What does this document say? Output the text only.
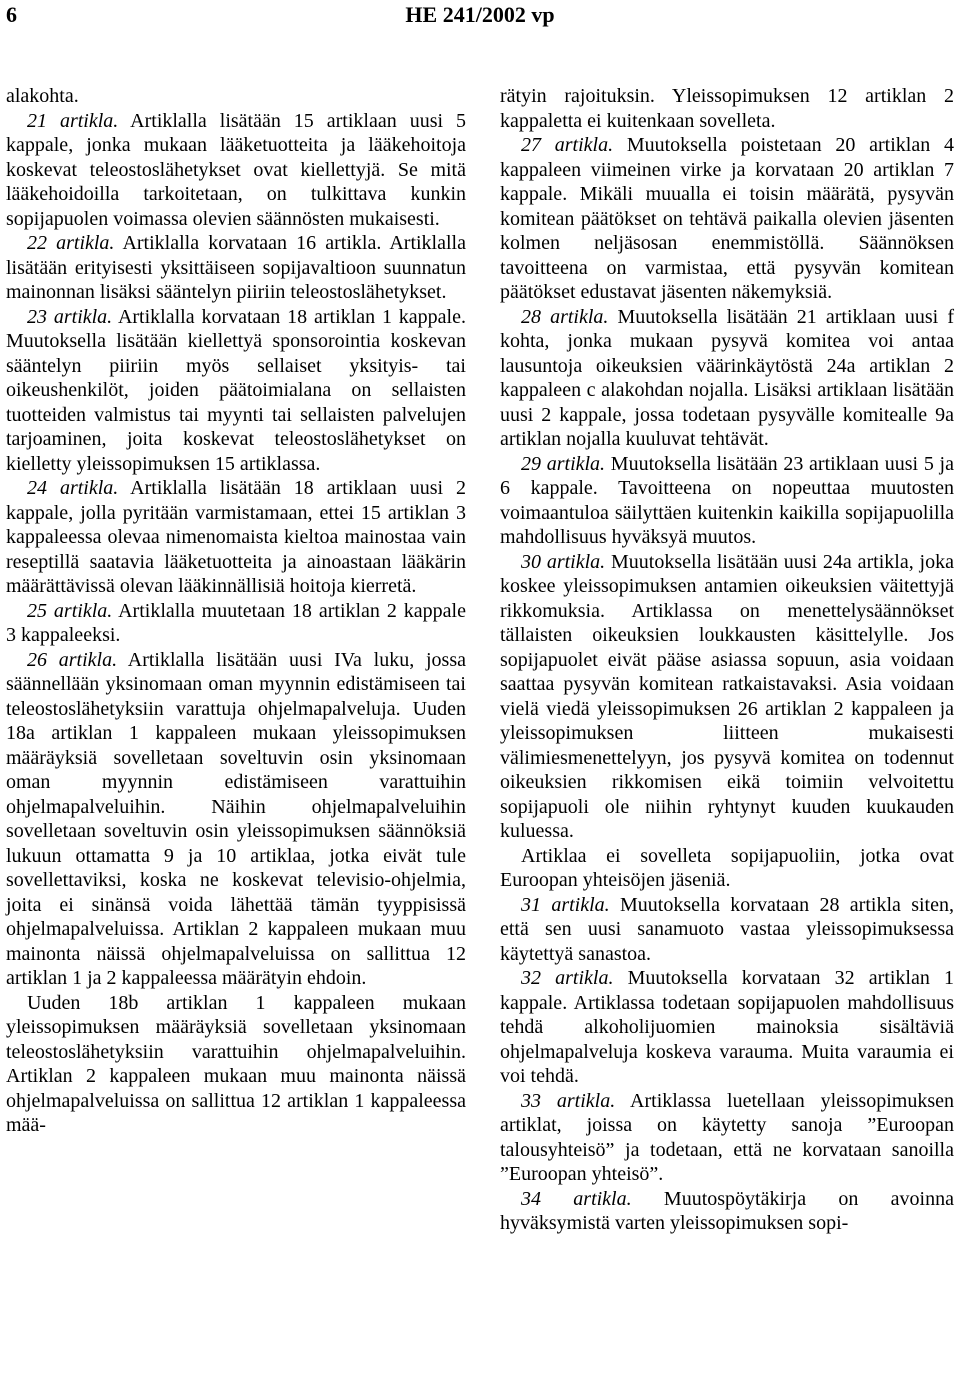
6	HE 241/2002 vp

alakohta.

21 artikla. Artiklalla lisätään 15 artiklaan uusi 5 kappale, jonka mukaan lääketuotteita ja lääkehoitoja koskevat teleostoslähetykset ovat kiellettyjä. Se mitä lääkehoidoilla tarkoitetaan, on tulkittava kunkin sopijapuolen voimassa olevien säännösten mukaisesti.

22 artikla. Artiklalla korvataan 16 artikla. Artiklalla lisätään erityisesti yksittäiseen sopijavaltioon suunnatun mainonnan lisäksi sääntelyn piiriin teleostoslähetykset.

23 artikla. Artiklalla korvataan 18 artiklan 1 kappale. Muutoksella lisätään kiellettyä sponsorointia koskevan sääntelyn piiriin myös sellaiset yksityis- tai oikeushenkilöt, joiden päätoimialana on sellaisten tuotteiden valmistus tai myynti tai sellaisten palvelujen tarjoaminen, joita koskevat teleostoslähetykset on kielletty yleissopimuksen 15 artiklassa.

24 artikla. Artiklalla lisätään 18 artiklaan uusi 2 kappale, jolla pyritään varmistamaan, ettei 15 artiklan 3 kappaleessa olevaa nimenomaista kieltoa mainostaa vain reseptillä saatavia lääketuotteita ja ainoastaan lääkärin määrättävissä olevan lääkinnällisiä hoitoja kierretä.

25 artikla. Artiklalla muutetaan 18 artiklan 2 kappale 3 kappaleeksi.

26 artikla. Artiklalla lisätään uusi IVa luku, jossa säännellään yksinomaan oman myynnin edistämiseen tai teleostoslähetyksiin varattuja ohjelmapalveluja. Uuden 18a artiklan 1 kappaleen mukaan yleissopimuksen määräyksiä sovelletaan soveltuvin osin yksinomaan oman myynnin edistämiseen varattuihin ohjelmapalveluihin. Näihin ohjelmapalveluihin sovelletaan soveltuvin osin yleissopimuksen säännöksiä lukuun ottamatta 9 ja 10 artiklaa, jotka eivät tule sovellettaviksi, koska ne koskevat televisio-ohjelmia, joita ei sinänsä voida lähettää tämän tyyppisissä ohjelmapalveluissa. Artiklan 2 kappaleen mukaan muu mainonta näissä ohjelmapalveluissa on sallittua 12 artiklan 1 ja 2 kappaleessa määrätyin ehdoin.

Uuden 18b artiklan 1 kappaleen mukaan yleissopimuksen määräyksiä sovelletaan yksinomaan teleostoslähetyksiin varattuihin ohjelmapalveluihin. Artiklan 2 kappaleen mukaan muu mainonta näissä ohjelmapalveluissa on sallittua 12 artiklan 1 kappaleessa mää-

rätyin rajoituksin. Yleissopimuksen 12 artiklan 2 kappaletta ei kuitenkaan sovelleta.

27 artikla. Muutoksella poistetaan 20 artiklan 4 kappaleen viimeinen virke ja korvataan 20 artiklan 7 kappale. Mikäli muualla ei toisin määrätä, pysyvän komitean päätökset on tehtävä paikalla olevien jäsenten kolmen neljäsosan enemmistöllä. Säännöksen tavoitteena on varmistaa, että pysyvän komitean päätökset edustavat jäsenten näkemyksiä.

28 artikla. Muutoksella lisätään 21 artiklaan uusi f kohta, jonka mukaan pysyvä komitea voi antaa lausuntoja oikeuksien väärinkäytöstä 24a artiklan 2 kappaleen c alakohdan nojalla. Lisäksi artiklaan lisätään uusi 2 kappale, jossa todetaan pysyvälle komitealle 9a artiklan nojalla kuuluvat tehtävät.

29 artikla. Muutoksella lisätään 23 artiklaan uusi 5 ja 6 kappale. Tavoitteena on nopeuttaa muutosten voimaantuloa säilyttäen kuitenkin kaikilla sopijapuolilla mahdollisuus hyväksyä muutos.

30 artikla. Muutoksella lisätään uusi 24a artikla, joka koskee yleissopimuksen antamien oikeuksien väitettyjä rikkomuksia. Artiklassa on menettelysäännökset tällaisten oikeuksien loukkausten käsittelylle. Jos sopijapuolet eivät pääse asiassa sopuun, asia voidaan saattaa pysyvän komitean ratkaistavaksi. Asia voidaan vielä viedä yleissopimuksen 26 artiklan 2 kappaleen ja yleissopimuksen liitteen mukaisesti välimiesmenettelyyn, jos pysyvä komitea on todennut oikeuksien rikkomisen eikä toimiin velvoitettu sopijapuoli ole niihin ryhtynyt kuuden kuukauden kuluessa.

Artiklaa ei sovelleta sopijapuoliin, jotka ovat Euroopan yhteisöjen jäseniä.

31 artikla. Muutoksella korvataan 28 artikla siten, että sen uusi sanamuoto vastaa yleissopimuksessa käytettyä sanastoa.

32 artikla. Muutoksella korvataan 32 artiklan 1 kappale. Artiklassa todetaan sopijapuolen mahdollisuus tehdä alkoholijuomien mainoksia sisältäviä ohjelmapalveluja koskeva varauma. Muita varaumia ei voi tehdä.

33 artikla. Artiklassa luetellaan yleissopimuksen artiklat, joissa on käytetty sanoja ”Euroopan talousyhteisö” ja todetaan, että ne korvataan sanoilla ”Euroopan yhteisö”.

34 artikla. Muutospöytäkirja on avoinna hyväksymistä varten yleissopimuksen sopi-
